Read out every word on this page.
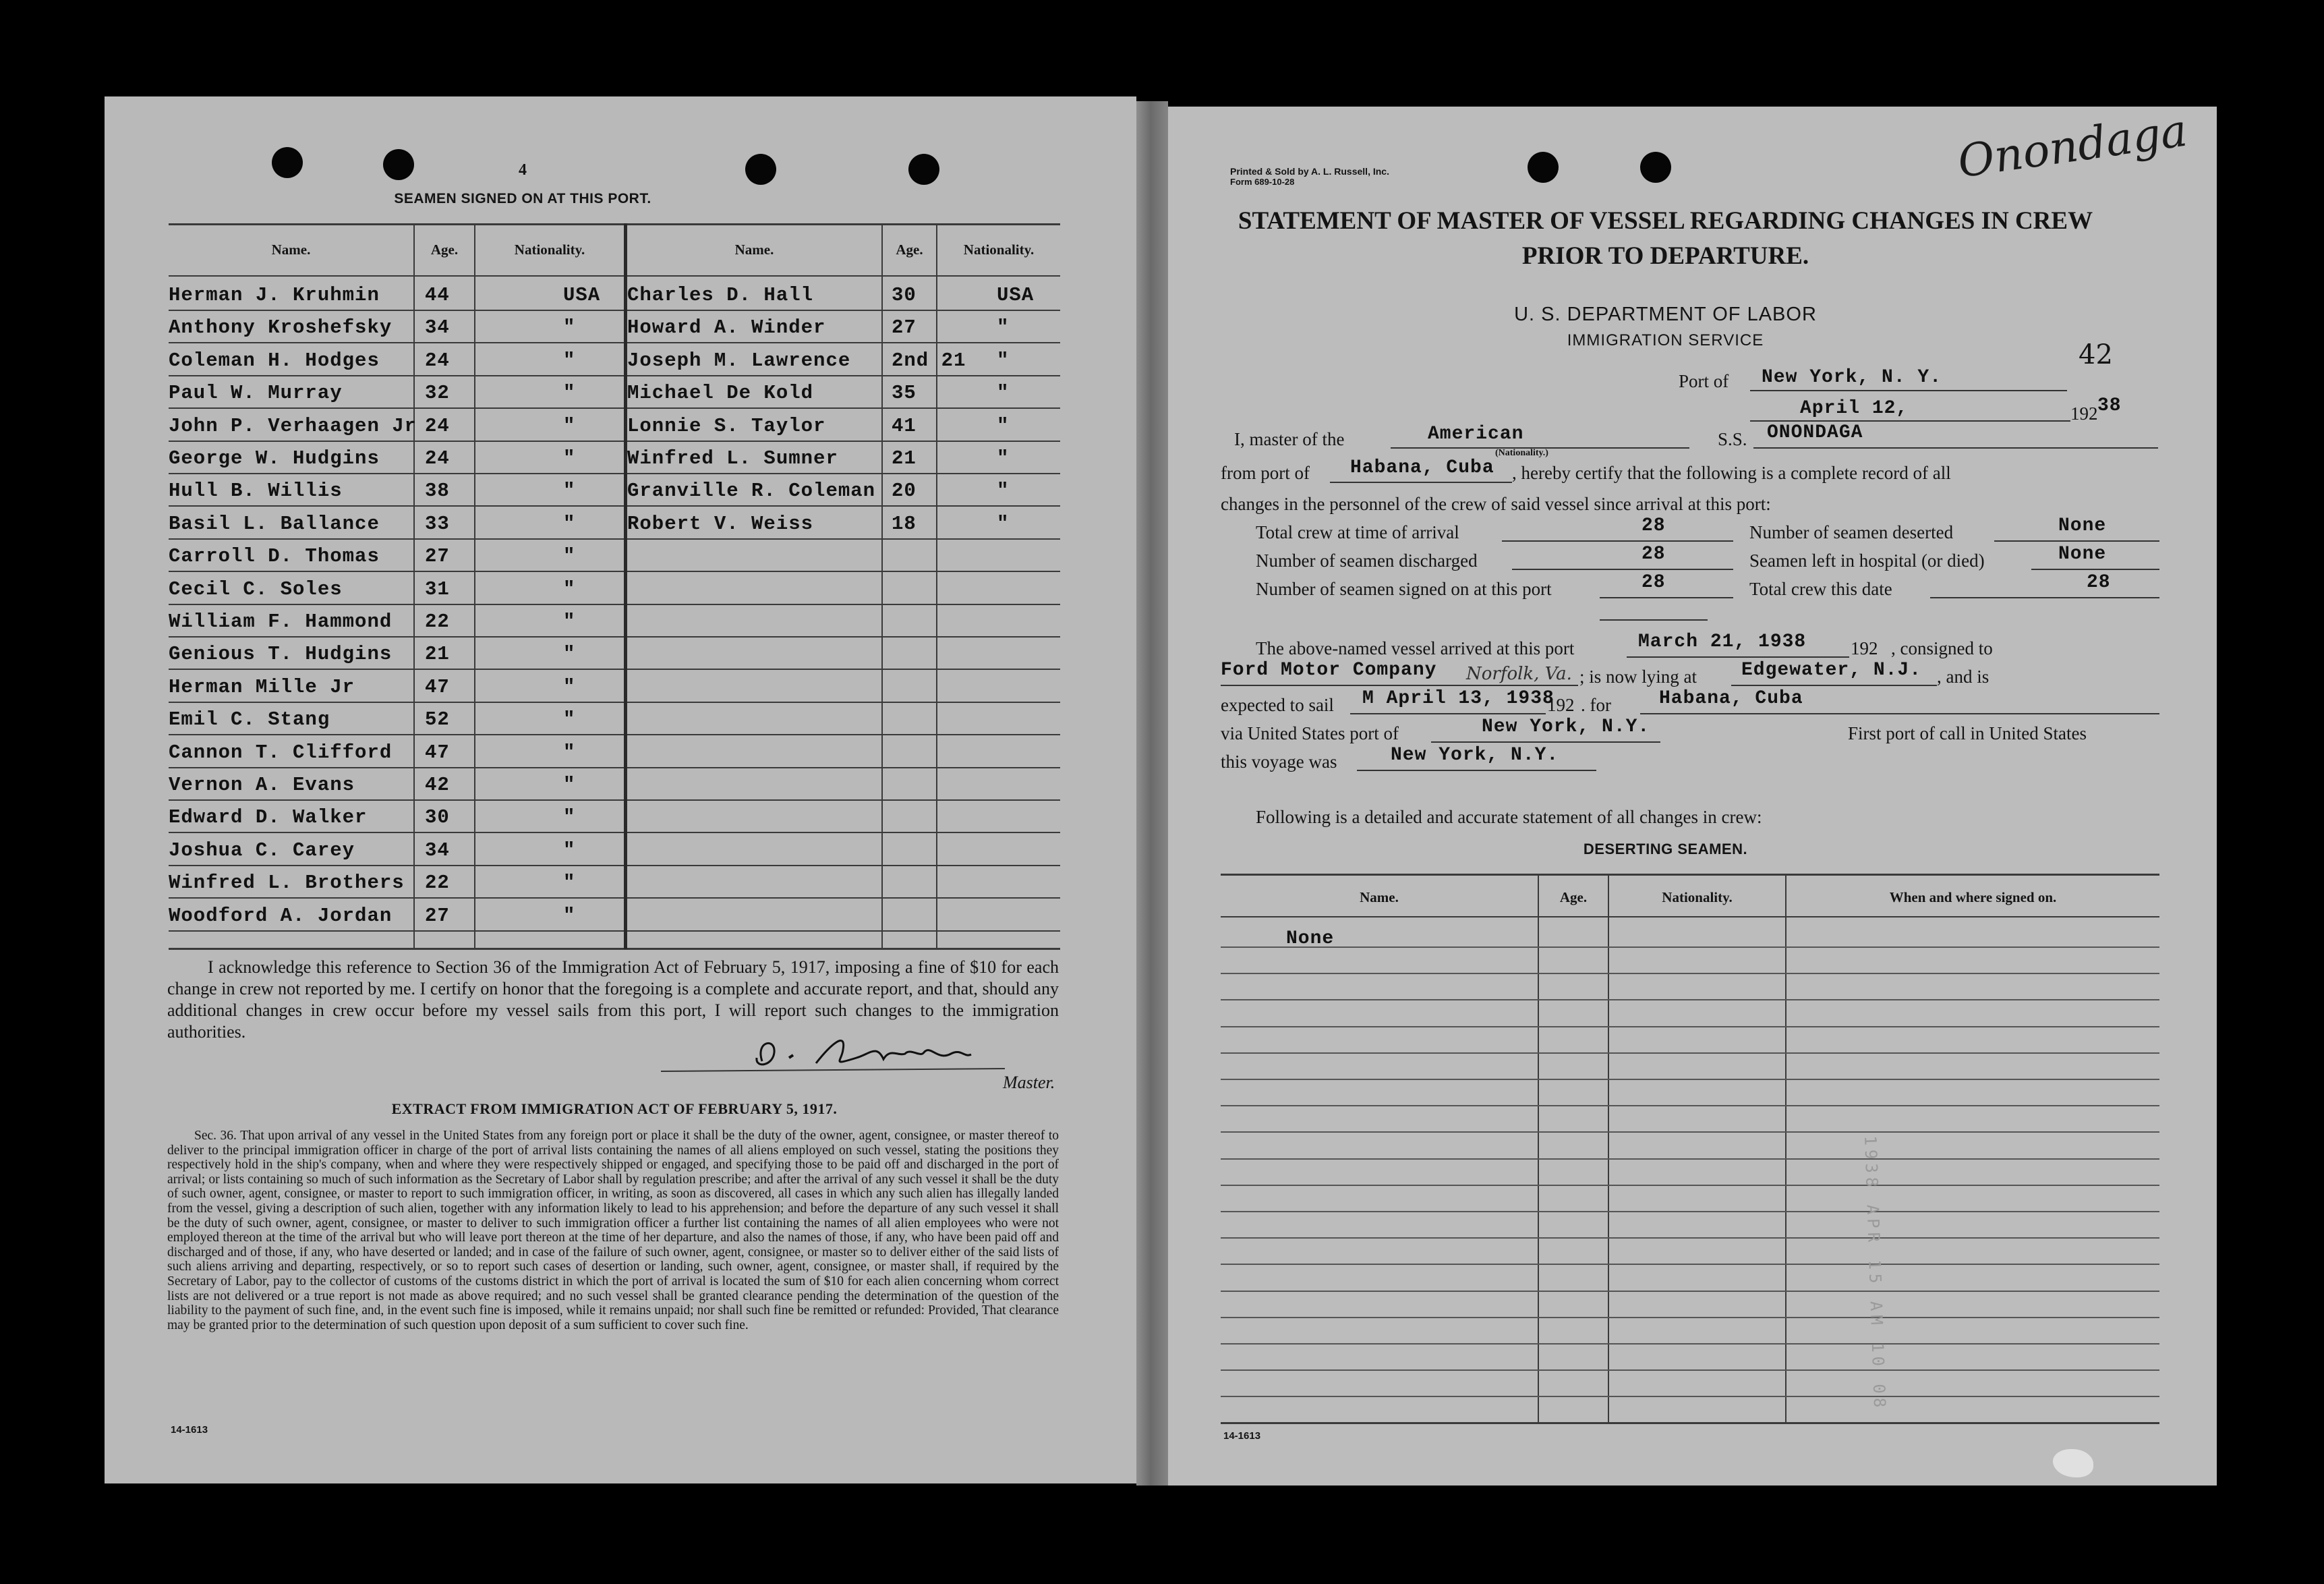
4
SEAMEN SIGNED ON AT THIS PORT.
Name.	Age.	Nationality.	Name.	Age.	Nationality.
Herman J. Kruhmin 44	USA
Anthony Kroshefsky 34	"
Coleman H. Hodges 24	"
Paul W. Murray	32	"
John P. Verhaagen Jr 24	"
George W. Hudgins 24	"
Hull B. Willis	38	"
Basil L. Ballance 33	"
Carroll D. Thomas 27	"
Cecil C. Soles	31	"
William F. Hammond 22	"
Genious T. Hudgins 21	"
Herman Mille Jr	47	"
Emil C. Stang	52	"
Cannon T. Clifford 47	"
Vernon A. Evans	42	"
Edward D. Walker	30	"
Joshua C. Carey	34	"
Winfred L. Brothers 22	"
Woodford A. Jordan 27	"
Charles D. Hall	30	USA
Howard A. Winder	27	"
Joseph M. Lawrence 2nd 21 "
Michael De Kold	35	"
Lonnie S. Taylor	41	"
Winfred L. Sumner	21	"
Granville R. Coleman 20	"
Robert V. Weiss	18	"
I acknowledge this reference to Section 36 of the Immigration Act of February 5, 1917, imposing a fine of $10 for each change in crew not reported by me. I certify on honor that the foregoing is a complete and accurate report, and that, should any additional changes in crew occur before my vessel sails from this port, I will report such changes to the immigration authorities.
Master.
EXTRACT FROM IMMIGRATION ACT OF FEBRUARY 5, 1917.
Sec. 36. That upon arrival of any vessel in the United States from any foreign port or place it shall be the duty of the owner, agent, consignee, or master thereof to deliver to the principal immigration officer in charge of the port of arrival lists containing the names of all aliens employed on such vessel, stating the positions they respectively hold in the ship's company, when and where they were respectively shipped or engaged, and specifying those to be paid off and discharged in the port of arrival; or lists containing so much of such information as the Secretary of Labor shall by regulation prescribe; and after the arrival of any such vessel it shall be the duty of such owner, agent, consignee, or master to report to such immigration officer, in writing, as soon as discovered, all cases in which any such alien has illegally landed from the vessel, giving a description of such alien, together with any information likely to lead to his apprehension; and before the departure of any such vessel it shall be the duty of such owner, agent, consignee, or master to deliver to such immigration officer a further list containing the names of all alien employees who were not employed thereon at the time of the arrival but who will leave port thereon at the time of her departure, and also the names of those, if any, who have been paid off and discharged and of those, if any, who have deserted or landed; and in case of the failure of such owner, agent, consignee, or master so to deliver either of the said lists of such aliens arriving and departing, respectively, or so to report such cases of desertion or landing, such owner, agent, consignee, or master shall, if required by the Secretary of Labor, pay to the collector of customs of the customs district in which the port of arrival is located the sum of $10 for each alien concerning whom correct lists are not delivered or a true report is not made as above required; and no such vessel shall be granted clearance pending the determination of the question of the liability to the payment of such fine, and, in the event such fine is imposed, while it remains unpaid; nor shall such fine be remitted or refunded: Provided, That clearance may be granted prior to the determination of such question upon deposit of a sum sufficient to cover such fine.
14-1613
Printed & Sold by A. L. Russell, Inc.
Form 689-10-28	Onondaga
STATEMENT OF MASTER OF VESSEL REGARDING CHANGES IN CREW
PRIOR TO DEPARTURE.
U. S. DEPARTMENT OF LABOR
IMMIGRATION SERVICE	42
Port of New York, N. Y.
April 12,	192 38
I, master of the	American
(Nationality.)
S.S. ONONDAGA
from port of Habana, Cuba , hereby certify that the following is a complete record of all
changes in the personnel of the crew of said vessel since arrival at this port:
Total crew at time of arrival	28	Number of seamen deserted	None
Number of seamen discharged	28	Seamen left in hospital (or died)	None
Number of seamen signed on at this port	28	Total crew this date	28
The above-named vessel arrived at this port	March 21, 1938 192 , consigned to
Ford Motor Company Norfolk, Va. ; is now lying at Edgewater, N.J. , and is
expected to sail M April 13, 1938
192 . for	Habana, Cuba
via United States port of	New York, N.Y.	First port of call in United States
this voyage was	New York, N.Y.
Following is a detailed and accurate statement of all changes in crew:
DESERTING SEAMEN.
Name.	Age.	Nationality.	When and where signed on.
None
1938 APR 15 AM 10 08
14-1613
